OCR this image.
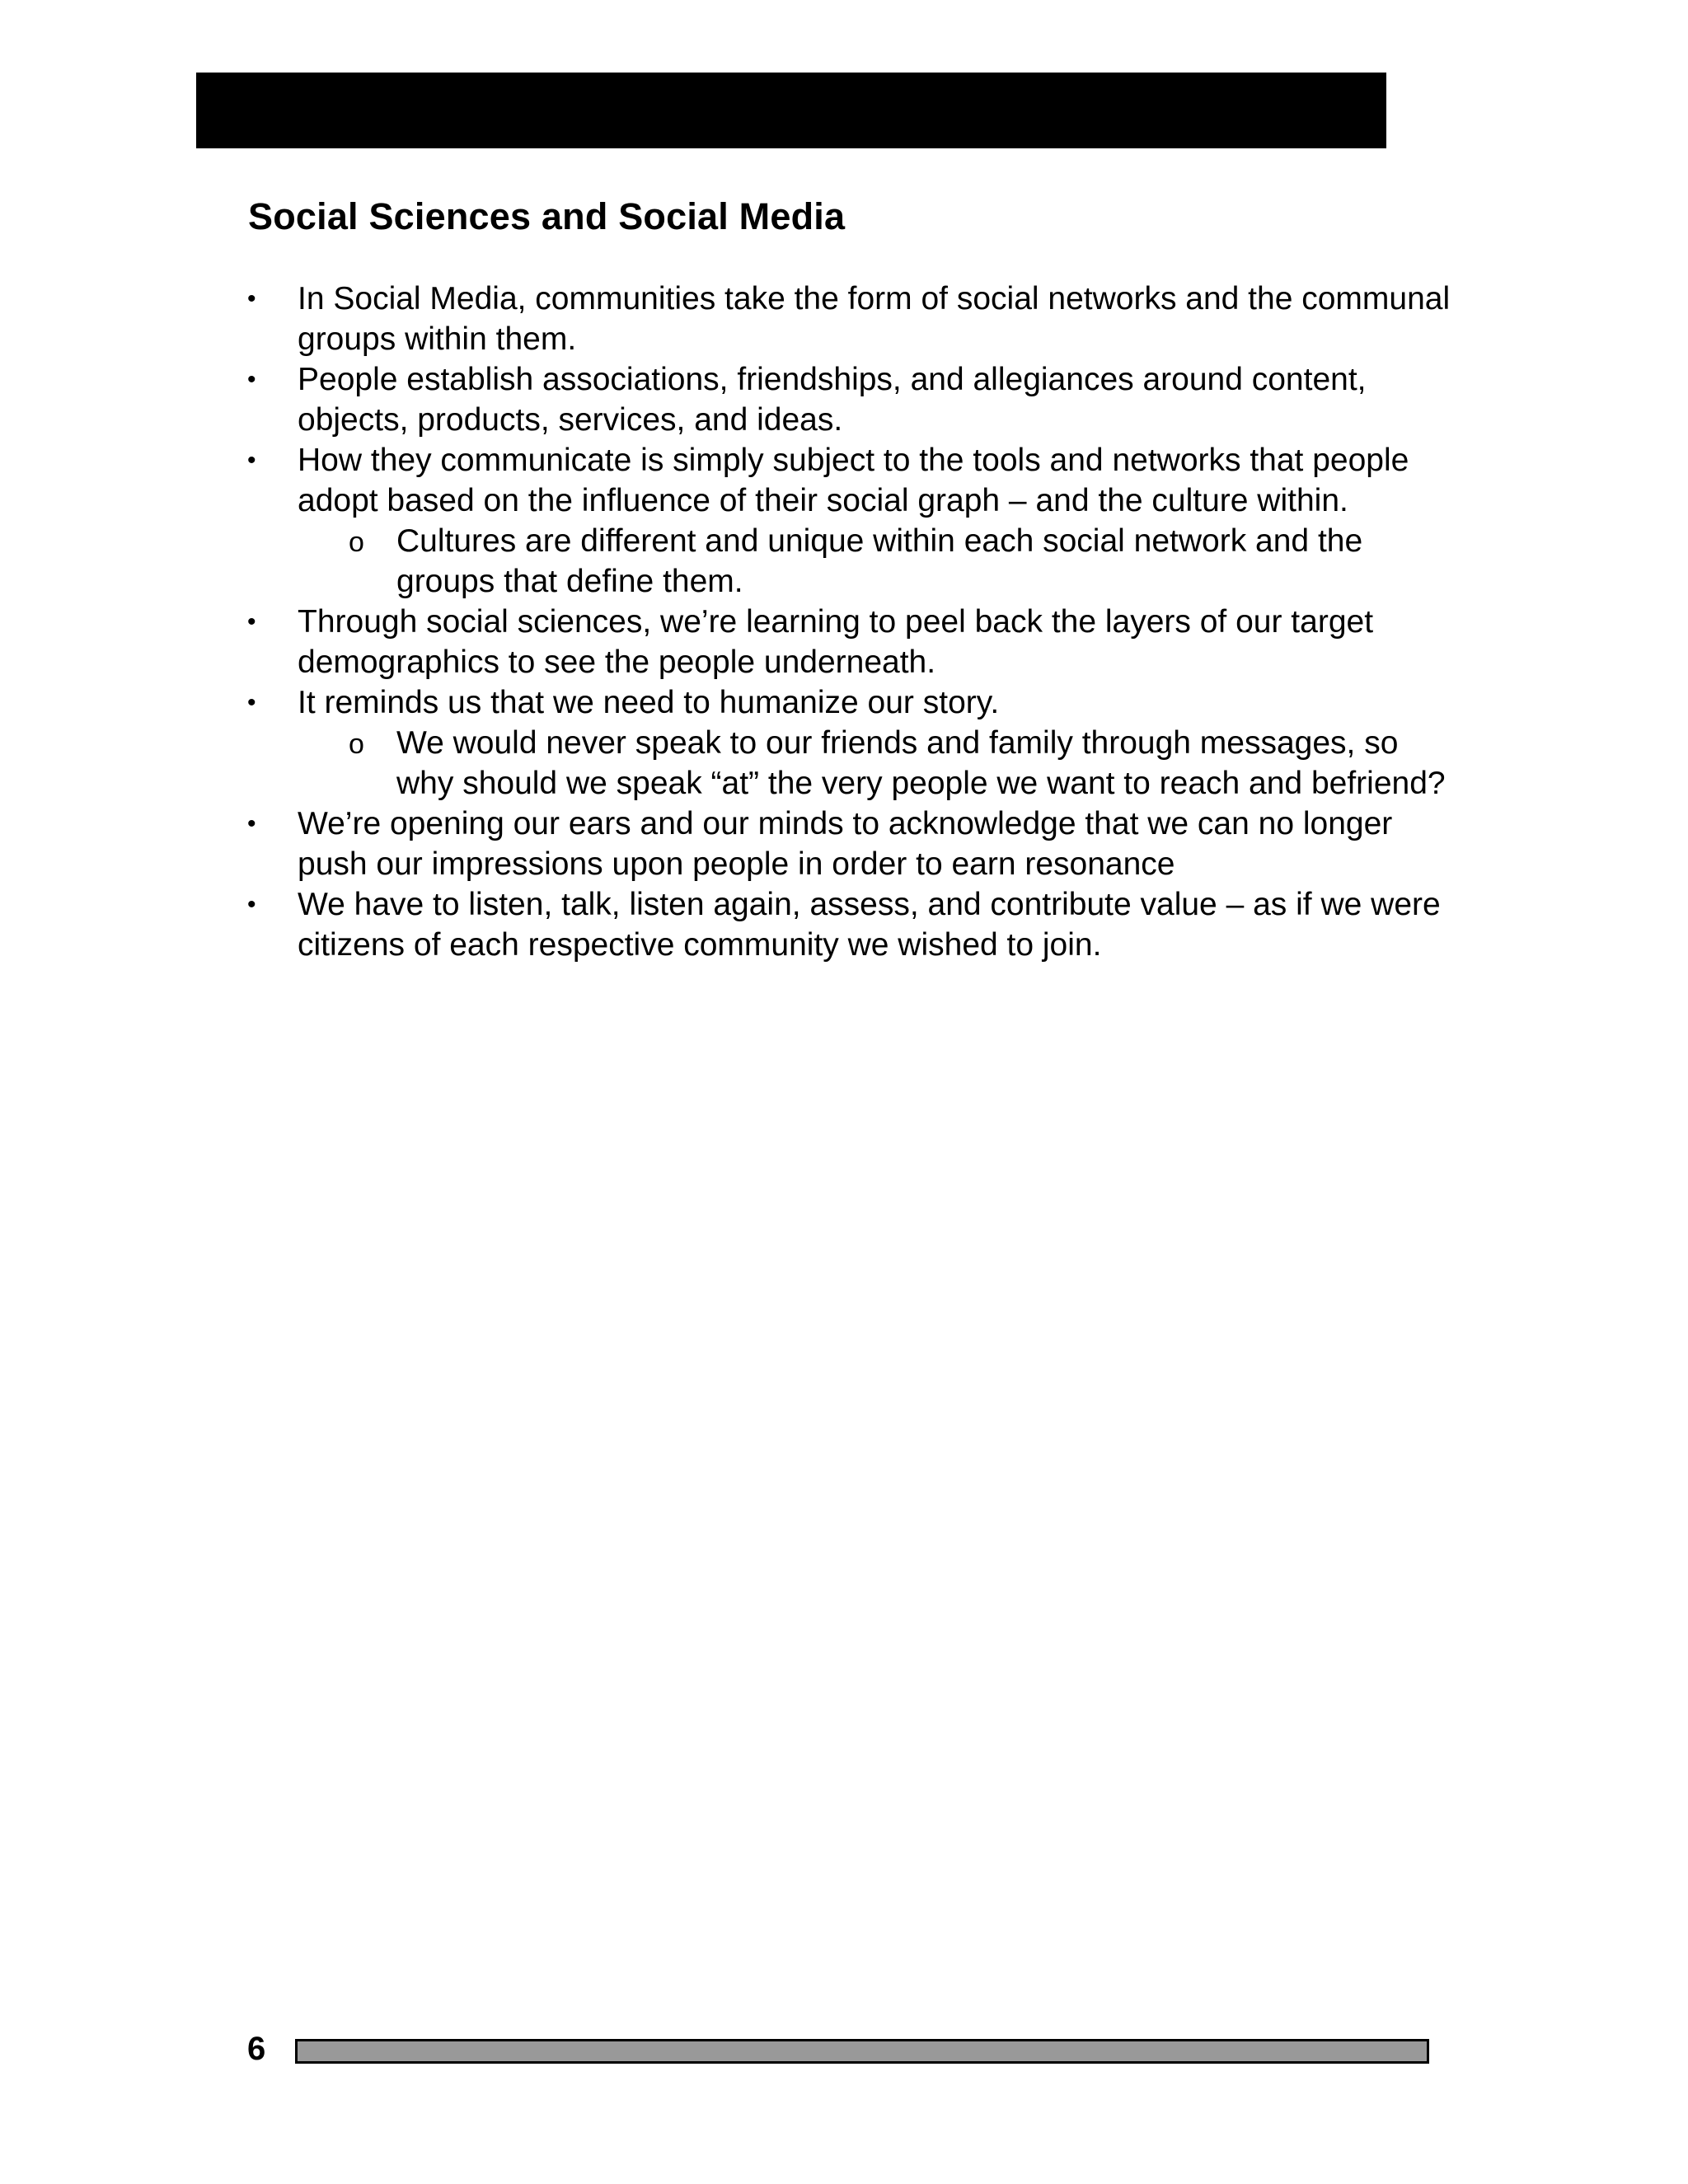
Social Sciences and Social Media
•	In Social Media, communities take the form of social networks and the communal groups within them.
•	People establish associations, friendships, and allegiances around content, objects, products, services, and ideas.
•	How they communicate is simply subject to the tools and networks that people adopt based on the influence of their social graph – and the culture within.
o	Cultures are different and unique within each social network and the groups that define them.
•	Through social sciences, we’re learning to peel back the layers of our target demographics to see the people underneath.
•	It reminds us that we need to humanize our story.
o	We would never speak to our friends and family through messages, so why should we speak “at” the very people we want to reach and befriend?
•	We’re opening our ears and our minds to acknowledge that we can no longer push our impressions upon people in order to earn resonance
•	We have to listen, talk, listen again, assess, and contribute value – as if we were citizens of each respective community we wished to join.
6
